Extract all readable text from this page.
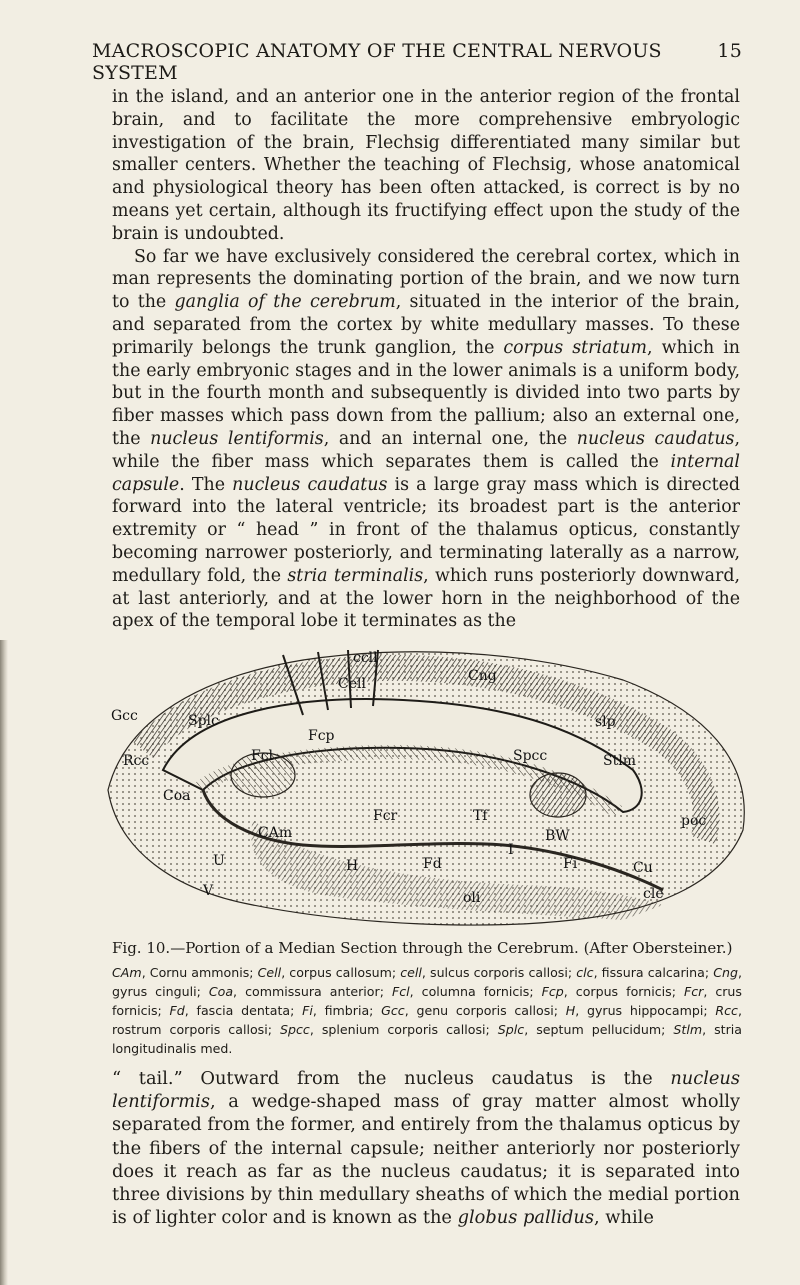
MACROSCOPIC ANATOMY OF THE CENTRAL NERVOUS SYSTEM
15

in the island, and an anterior one in the anterior region of the frontal brain, and to facilitate the more comprehensive embryologic investigation of the brain, Flechsig differentiated many similar but smaller centers. Whether the teaching of Flechsig, whose anatomical and physiological theory has been often attacked, is correct is by no means yet certain, although its fructifying effect upon the study of the brain is undoubted.

So far we have exclusively considered the cerebral cortex, which in man represents the dominating portion of the brain, and we now turn to the ganglia of the cerebrum, situated in the interior of the brain, and separated from the cortex by white medullary masses. To these primarily belongs the trunk ganglion, the corpus striatum, which in the early embryonic stages and in the lower animals is a uniform body, but in the fourth month and subsequently is divided into two parts by fiber masses which pass down from the pallium; also an external one, the nucleus lentiformis, and an internal one, the nucleus caudatus, while the fiber mass which separates them is called the internal capsule. The nucleus caudatus is a large gray mass which is directed forward into the lateral ventricle; its broadest part is the anterior extremity or “ head ” in front of the thalamus opticus, constantly becoming narrower posteriorly, and terminating laterally as a narrow, medullary fold, the stria terminalis, which runs posteriorly downward, at last anteriorly, and at the lower horn in the neighborhood of the apex of the temporal lobe it terminates as the

ccll
Cell	Cng
Gcc	Splc
Rcc
Fcp
Fcl
Coa
Spcc	Stlm
slp
CAm
Fcr	Tf
BW
poc
H	Fd
I
Fi	Cu
cle
oli
U
V

Fig. 10.—Portion of a Median Section through the Cerebrum. (After Obersteiner.)

CAm, Cornu ammonis; Cell, corpus callosum; cell, sulcus corporis callosi; clc, fissura calcarina; Cng, gyrus cinguli; Coa, commissura anterior; Fcl, columna fornicis; Fcp, corpus fornicis; Fcr, crus fornicis; Fd, fascia dentata; Fi, fimbria; Gcc, genu corporis callosi; H, gyrus hippocampi; Rcc, rostrum corporis callosi; Spcc, splenium corporis callosi; Splc, septum pellucidum; Stlm, stria longitudinalis med.

“ tail.” Outward from the nucleus caudatus is the nucleus lentiformis, a wedge-shaped mass of gray matter almost wholly separated from the former, and entirely from the thalamus opticus by the fibers of the internal capsule; neither anteriorly nor posteriorly does it reach as far as the nucleus caudatus; it is separated into three divisions by thin medullary sheaths of which the medial portion is of lighter color and is known as the globus pallidus, while
